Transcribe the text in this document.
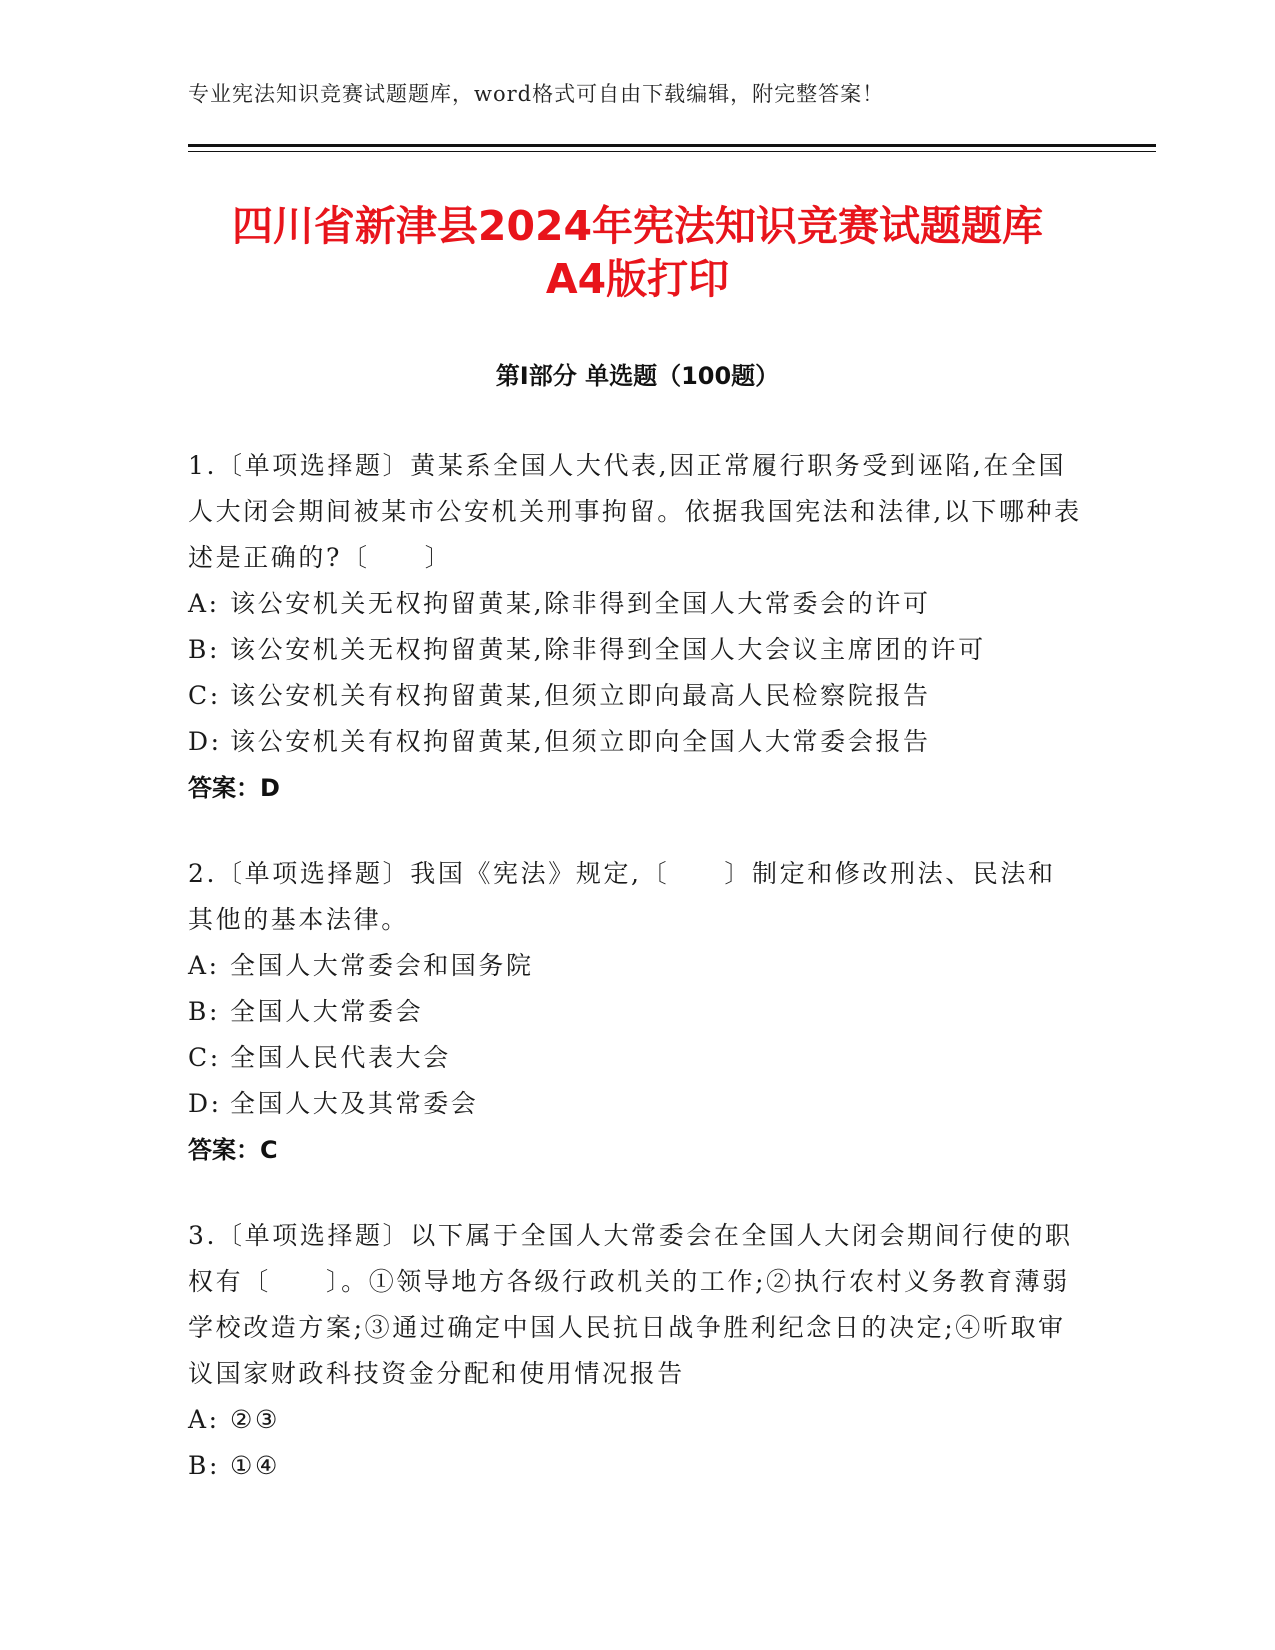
专业宪法知识竞赛试题题库，word格式可自由下载编辑，附完整答案！
四川省新津县2024年宪法知识竞赛试题题库
A4版打印
第Ⅰ部分 单选题（100题）

1.〔单项选择题〕黄某系全国人大代表,因正常履行职务受到诬陷,在全国人大闭会期间被某市公安机关刑事拘留。依据我国宪法和法律,以下哪种表述是正确的?〔　　〕

A: 该公安机关无权拘留黄某,除非得到全国人大常委会的许可
B: 该公安机关无权拘留黄某,除非得到全国人大会议主席团的许可
C: 该公安机关有权拘留黄某,但须立即向最高人民检察院报告
D: 该公安机关有权拘留黄某,但须立即向全国人大常委会报告
答案：D

2.〔单项选择题〕我国《宪法》规定,〔　　〕制定和修改刑法、民法和其他的基本法律。

A: 全国人大常委会和国务院
B: 全国人大常委会
C: 全国人民代表大会
D: 全国人大及其常委会
答案：C

3.〔单项选择题〕以下属于全国人大常委会在全国人大闭会期间行使的职权有〔　　〕。①领导地方各级行政机关的工作;②执行农村义务教育薄弱学校改造方案;③通过确定中国人民抗日战争胜利纪念日的决定;④听取审议国家财政科技资金分配和使用情况报告

A: ②③
B: ①④
